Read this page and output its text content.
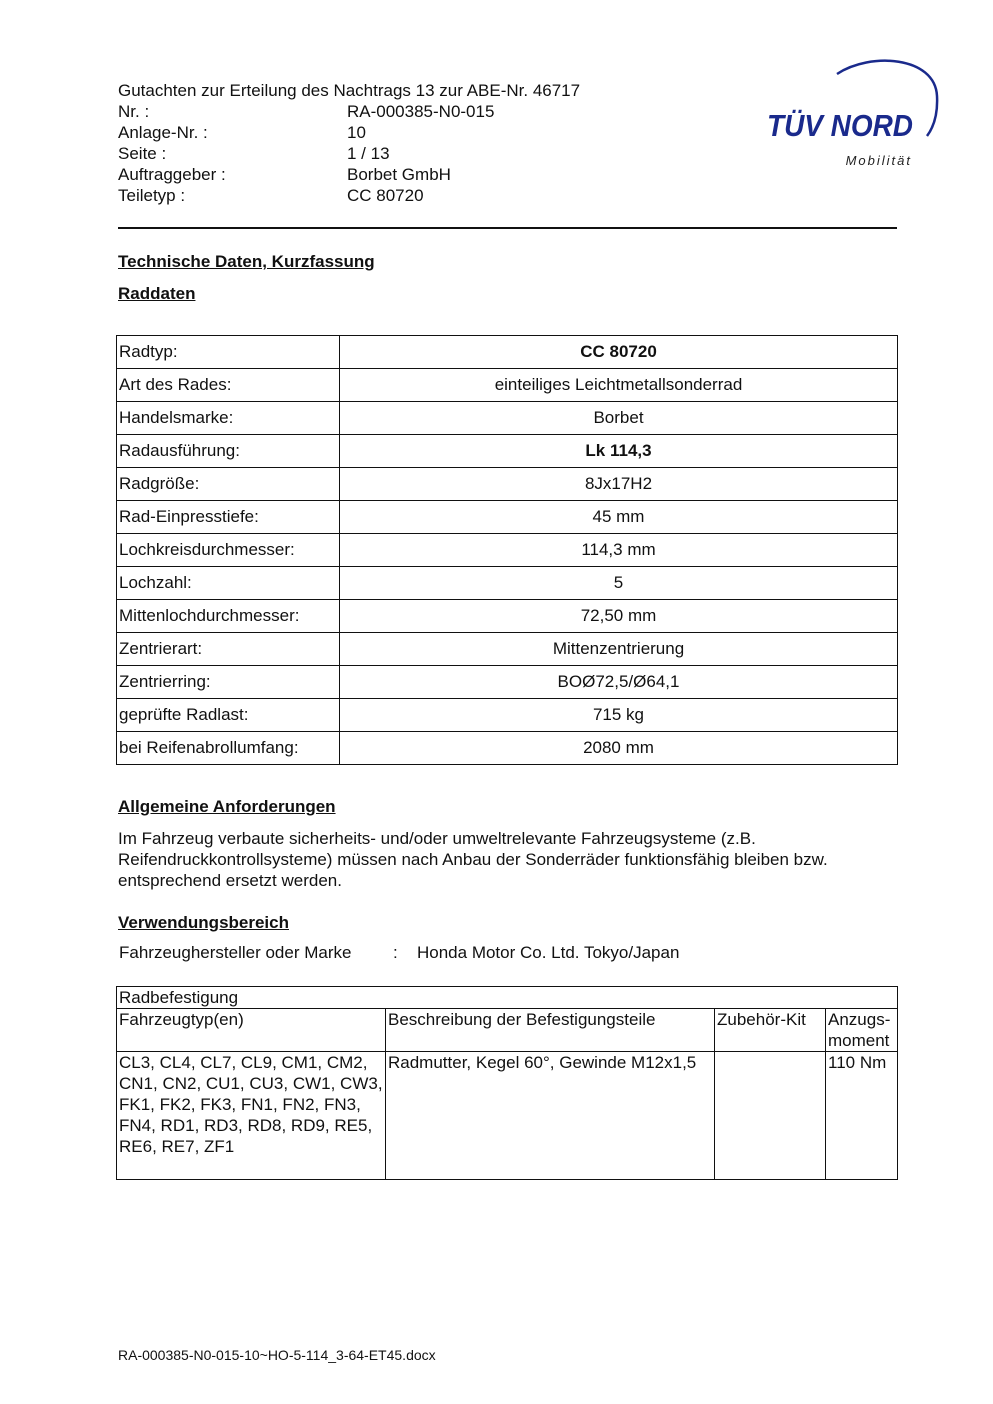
Gutachten zur Erteilung des Nachtrags 13 zur ABE-Nr. 46717
Nr. :	RA-000385-N0-015
Anlage-Nr. :	10
Seite :	1 / 13
Auftraggeber :	Borbet GmbH
Teiletyp :	CC 80720
TÜV NORD
Mobilität
Technische Daten, Kurzfassung
Raddaten
Radtyp:	CC 80720
Art des Rades:	einteiliges Leichtmetallsonderrad
Handelsmarke:	Borbet
Radausführung:	Lk 114,3
Radgröße:	8Jx17H2
Rad-Einpresstiefe:	45 mm
Lochkreisdurchmesser:	114,3 mm
Lochzahl:	5
Mittenlochdurchmesser:	72,50 mm
Zentrierart:	Mittenzentrierung
Zentrierring:	BOØ72,5/Ø64,1
geprüfte Radlast:	715 kg
bei Reifenabrollumfang:	2080 mm
Allgemeine Anforderungen
Im Fahrzeug verbaute sicherheits- und/oder umweltrelevante Fahrzeugsysteme (z.B. Reifendruckkontrollsysteme) müssen nach Anbau der Sonderräder funktionsfähig bleiben bzw. entsprechend ersetzt werden.
Verwendungsbereich
Fahrzeughersteller oder Marke	:	Honda Motor Co. Ltd. Tokyo/Japan
Radbefestigung			
Fahrzeugtyp(en)	Beschreibung der Befestigungsteile	Zubehör-Kit	Anzugs-moment
CL3, CL4, CL7, CL9, CM1, CM2, CN1, CN2, CU1, CU3, CW1, CW3, FK1, FK2, FK3, FN1, FN2, FN3, FN4, RD1, RD3, RD8, RD9, RE5, RE6, RE7, ZF1	Radmutter, Kegel 60°, Gewinde M12x1,5		110 Nm
RA-000385-N0-015-10~HO-5-114_3-64-ET45.docx
